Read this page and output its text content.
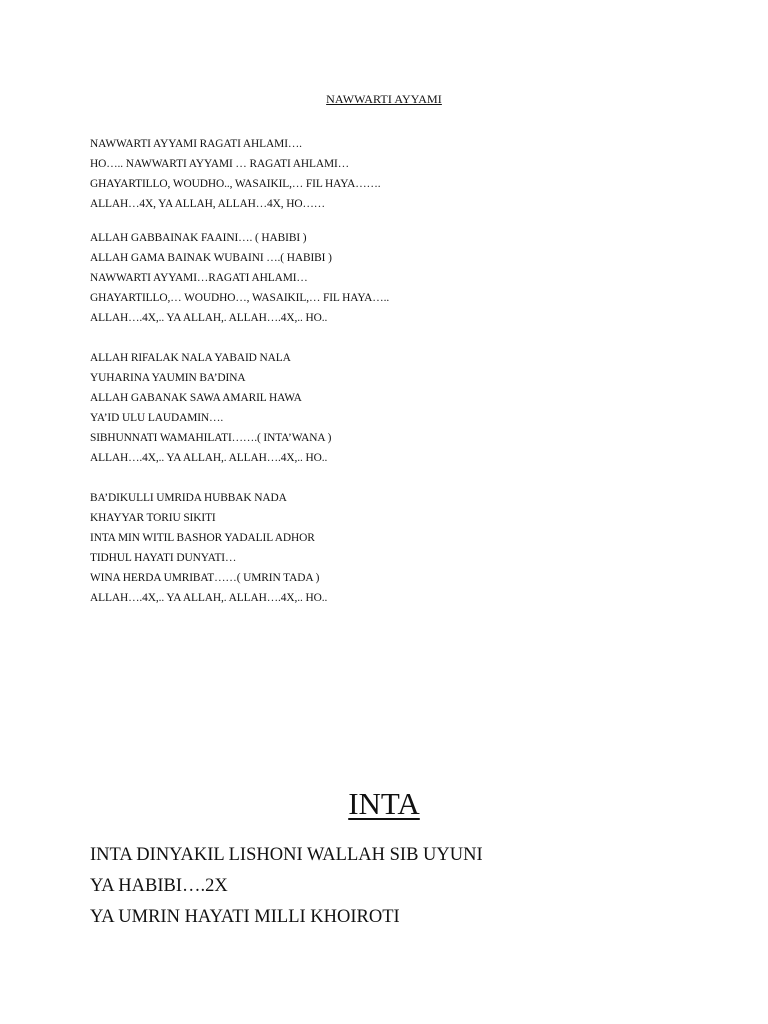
NAWWARTI AYYAMI
NAWWARTI AYYAMI RAGATI AHLAMI….
HO….. NAWWARTI AYYAMI … RAGATI AHLAMI…
GHAYARTILLO, WOUDHO.., WASAIKIL,… FIL HAYA…….
ALLAH…4X, YA ALLAH, ALLAH…4X, HO……
ALLAH GABBAINAK FAAINI…. ( HABIBI )
ALLAH GAMA BAINAK WUBAINI ….( HABIBI )
NAWWARTI AYYAMI…RAGATI AHLAMI…
GHAYARTILLO,… WOUDHO…, WASAIKIL,… FIL HAYA…..
ALLAH….4X,.. YA ALLAH,. ALLAH….4X,.. HO..
ALLAH RIFALAK NALA YABAID NALA
YUHARINA YAUMIN BA’DINA
ALLAH GABANAK SAWA AMARIL HAWA
YA’ID ULU LAUDAMIN….
SIBHUNNATI WAMAHILATI…….( INTA’WANA )
ALLAH….4X,.. YA ALLAH,. ALLAH….4X,.. HO..
BA’DIKULLI UMRIDA HUBBAK NADA
KHAYYAR TORIU SIKITI
INTA MIN WITIL BASHOR YADALIL ADHOR
TIDHUL HAYATI DUNYATI…
WINA HERDA UMRIBAT……( UMRIN TADA )
ALLAH….4X,.. YA ALLAH,. ALLAH….4X,.. HO..
INTA
INTA DINYAKIL LISHONI WALLAH SIB UYUNI
YA HABIBI….2X
YA UMRIN HAYATI MILLI KHOIROTI
